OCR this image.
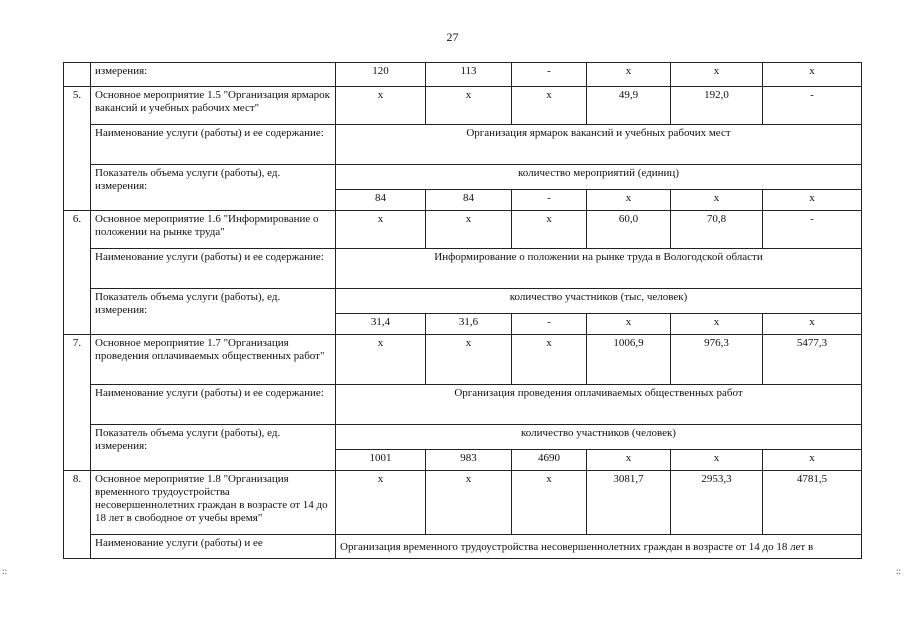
27
::	::
	измерения:	120	113	-	x	x	x
5.	Основное мероприятие 1.5 "Организация ярмарок вакансий и учебных рабочих мест"	x	x	x	49,9	192,0	-
	Наименование услуги (работы) и ее содержание:	Организация ярмарок вакансий и учебных рабочих мест					
	Показатель объема услуги (работы), ед. измерения:	количество мероприятий (единиц)					
		84	84	-	x	x	x
6.	Основное мероприятие 1.6 "Информирование о положении на рынке труда"	x	x	x	60,0	70,8	-
	Наименование услуги (работы) и ее содержание:	Информирование о положении на рынке труда в Вологодской области					
	Показатель объема услуги (работы), ед. измерения:	количество участников (тыс, человек)					
		31,4	31,6	-	x	x	x
7.	Основное мероприятие 1.7 "Организация проведения оплачиваемых общественных работ"	x	x	x	1006,9	976,3	5477,3
	Наименование услуги (работы) и ее содержание:	Организация проведения оплачиваемых общественных работ					
	Показатель объема услуги (работы), ед. измерения:	количество участников (человек)					
		1001	983	4690	x	x	x
8.	Основное мероприятие 1.8 "Организация временного трудоустройства несовершеннолетних граждан в возрасте от 14 до 18 лет в свободное от учебы время"	x	x	x	3081,7	2953,3	4781,5
	Наименование услуги (работы) и ее	Организация временного трудоустройства несовершеннолетних граждан в возрасте от 14 до 18 лет в					
